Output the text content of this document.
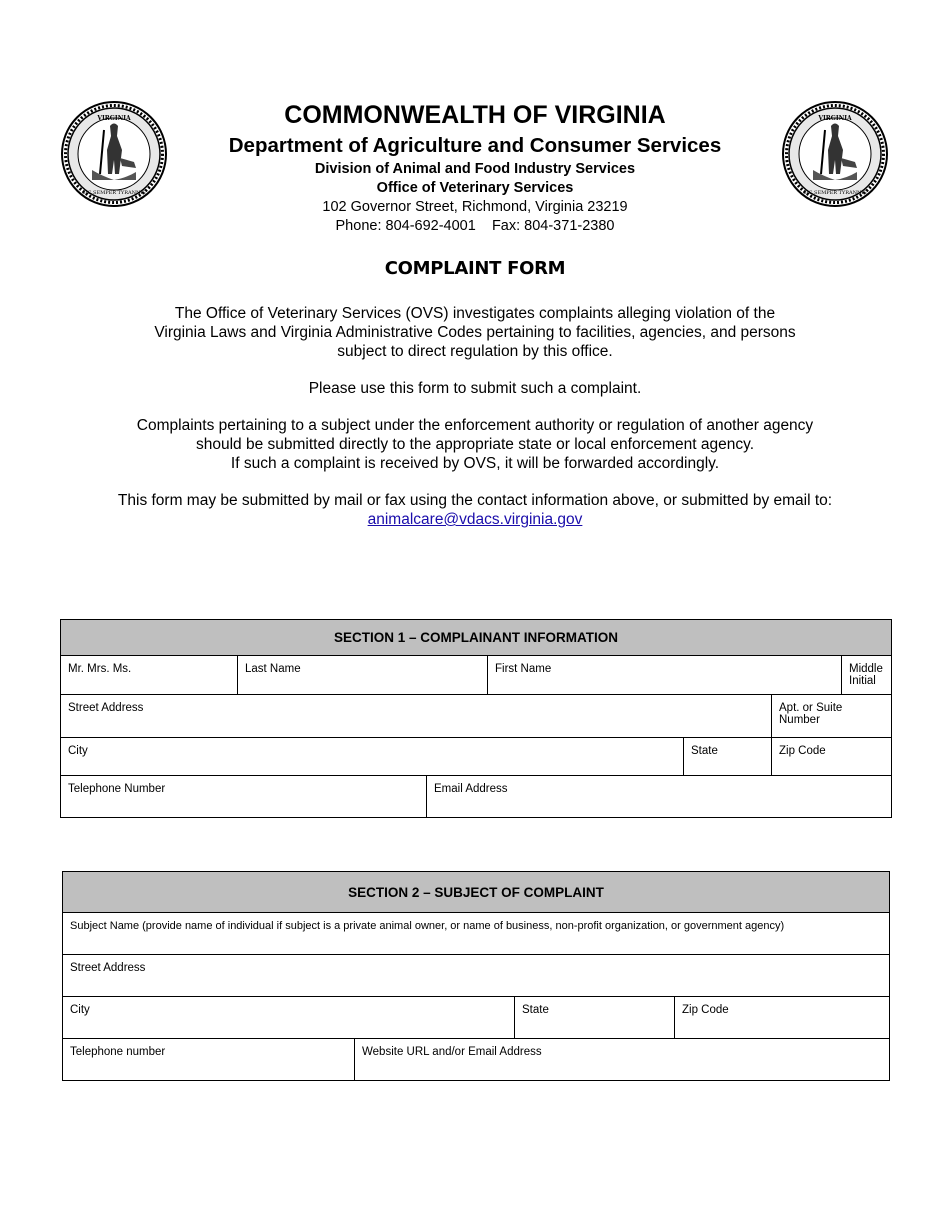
VIRGINIA
SIC SEMPER TYRANNIS
VIRGINIA
SIC SEMPER TYRANNIS
COMMONWEALTH OF VIRGINIA
Department of Agriculture and Consumer Services
Division of Animal and Food Industry Services
Office of Veterinary Services
102 Governor Street, Richmond, Virginia 23219
Phone: 804-692-4001 Fax: 804-371-2380
COMPLAINT FORM

The Office of Veterinary Services (OVS) investigates complaints alleging violation of the
Virginia Laws and Virginia Administrative Codes pertaining to facilities, agencies, and persons
subject to direct regulation by this office.

Please use this form to submit such a complaint.

Complaints pertaining to a subject under the enforcement authority or regulation of another agency
should be submitted directly to the appropriate state or local enforcement agency.
If such a complaint is received by OVS, it will be forwarded accordingly.

This form may be submitted by mail or fax using the contact information above, or submitted by email to:
animalcare@vdacs.virginia.gov

SECTION 1 – COMPLAINANT INFORMATION						
Mr. Mrs. Ms.	Last Name		First Name			Middle Initial
Street Address					Apt. or Suite Number	
City				State	Zip Code	
Telephone Number		Email Address				
SECTION 2 – SUBJECT OF COMPLAINT			
Subject Name (provide name of individual if subject is a private animal owner, or name of business, non-profit organization, or government agency)			
Street Address			
City		State	Zip Code
Telephone number	Website URL and/or Email Address		
